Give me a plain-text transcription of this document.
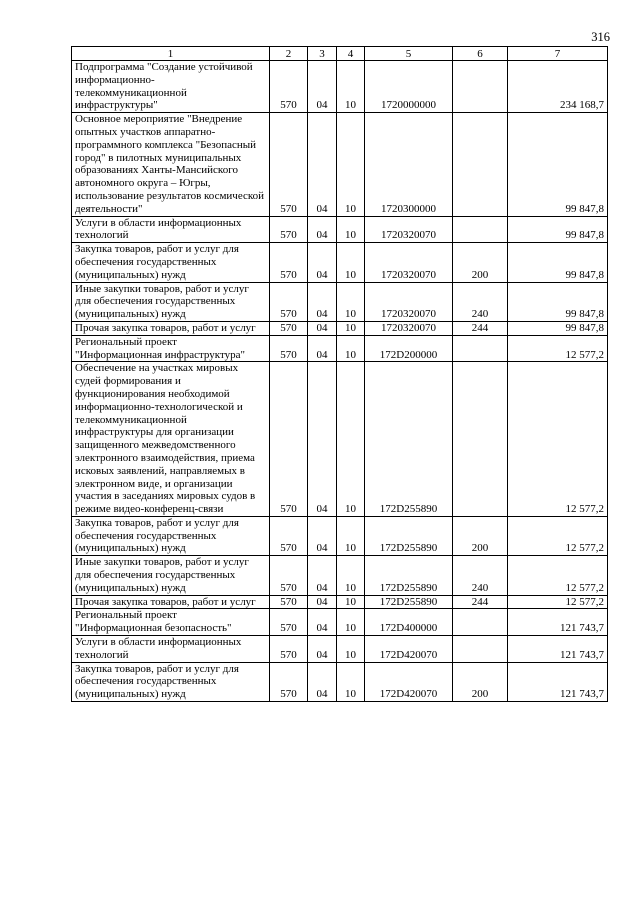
316
1	2	3	4	5	6	7
Подпрограмма "Создание устойчивой информационно-телекоммуникационной инфраструктуры"	570	04	10	1720000000		234 168,7
Основное мероприятие "Внедрение опытных участков аппаратно-программного комплекса "Безопасный город" в пилотных муниципальных образованиях Ханты-Мансийского автономного округа – Югры, использование результатов космической деятельности"	570	04	10	1720300000		99 847,8
Услуги в области информационных технологий	570	04	10	1720320070		99 847,8
Закупка товаров, работ и услуг для обеспечения государственных (муниципальных) нужд	570	04	10	1720320070	200	99 847,8
Иные закупки товаров, работ и услуг для обеспечения государственных (муниципальных) нужд	570	04	10	1720320070	240	99 847,8
Прочая закупка товаров, работ и услуг	570	04	10	1720320070	244	99 847,8
Региональный проект "Информационная инфраструктура"	570	04	10	172D200000		12 577,2
Обеспечение на участках мировых судей формирования и функционирования необходимой информационно-технологической и телекоммуникационной инфраструктуры для организации защищенного межведомственного электронного взаимодействия, приема исковых заявлений, направляемых в электронном виде, и организации участия в заседаниях мировых судов в режиме видео-конференц-связи	570	04	10	172D255890		12 577,2
Закупка товаров, работ и услуг для обеспечения государственных (муниципальных) нужд	570	04	10	172D255890	200	12 577,2
Иные закупки товаров, работ и услуг для обеспечения государственных (муниципальных) нужд	570	04	10	172D255890	240	12 577,2
Прочая закупка товаров, работ и услуг	570	04	10	172D255890	244	12 577,2
Региональный проект "Информационная безопасность"	570	04	10	172D400000		121 743,7
Услуги в области информационных технологий	570	04	10	172D420070		121 743,7
Закупка товаров, работ и услуг для обеспечения государственных (муниципальных) нужд	570	04	10	172D420070	200	121 743,7
